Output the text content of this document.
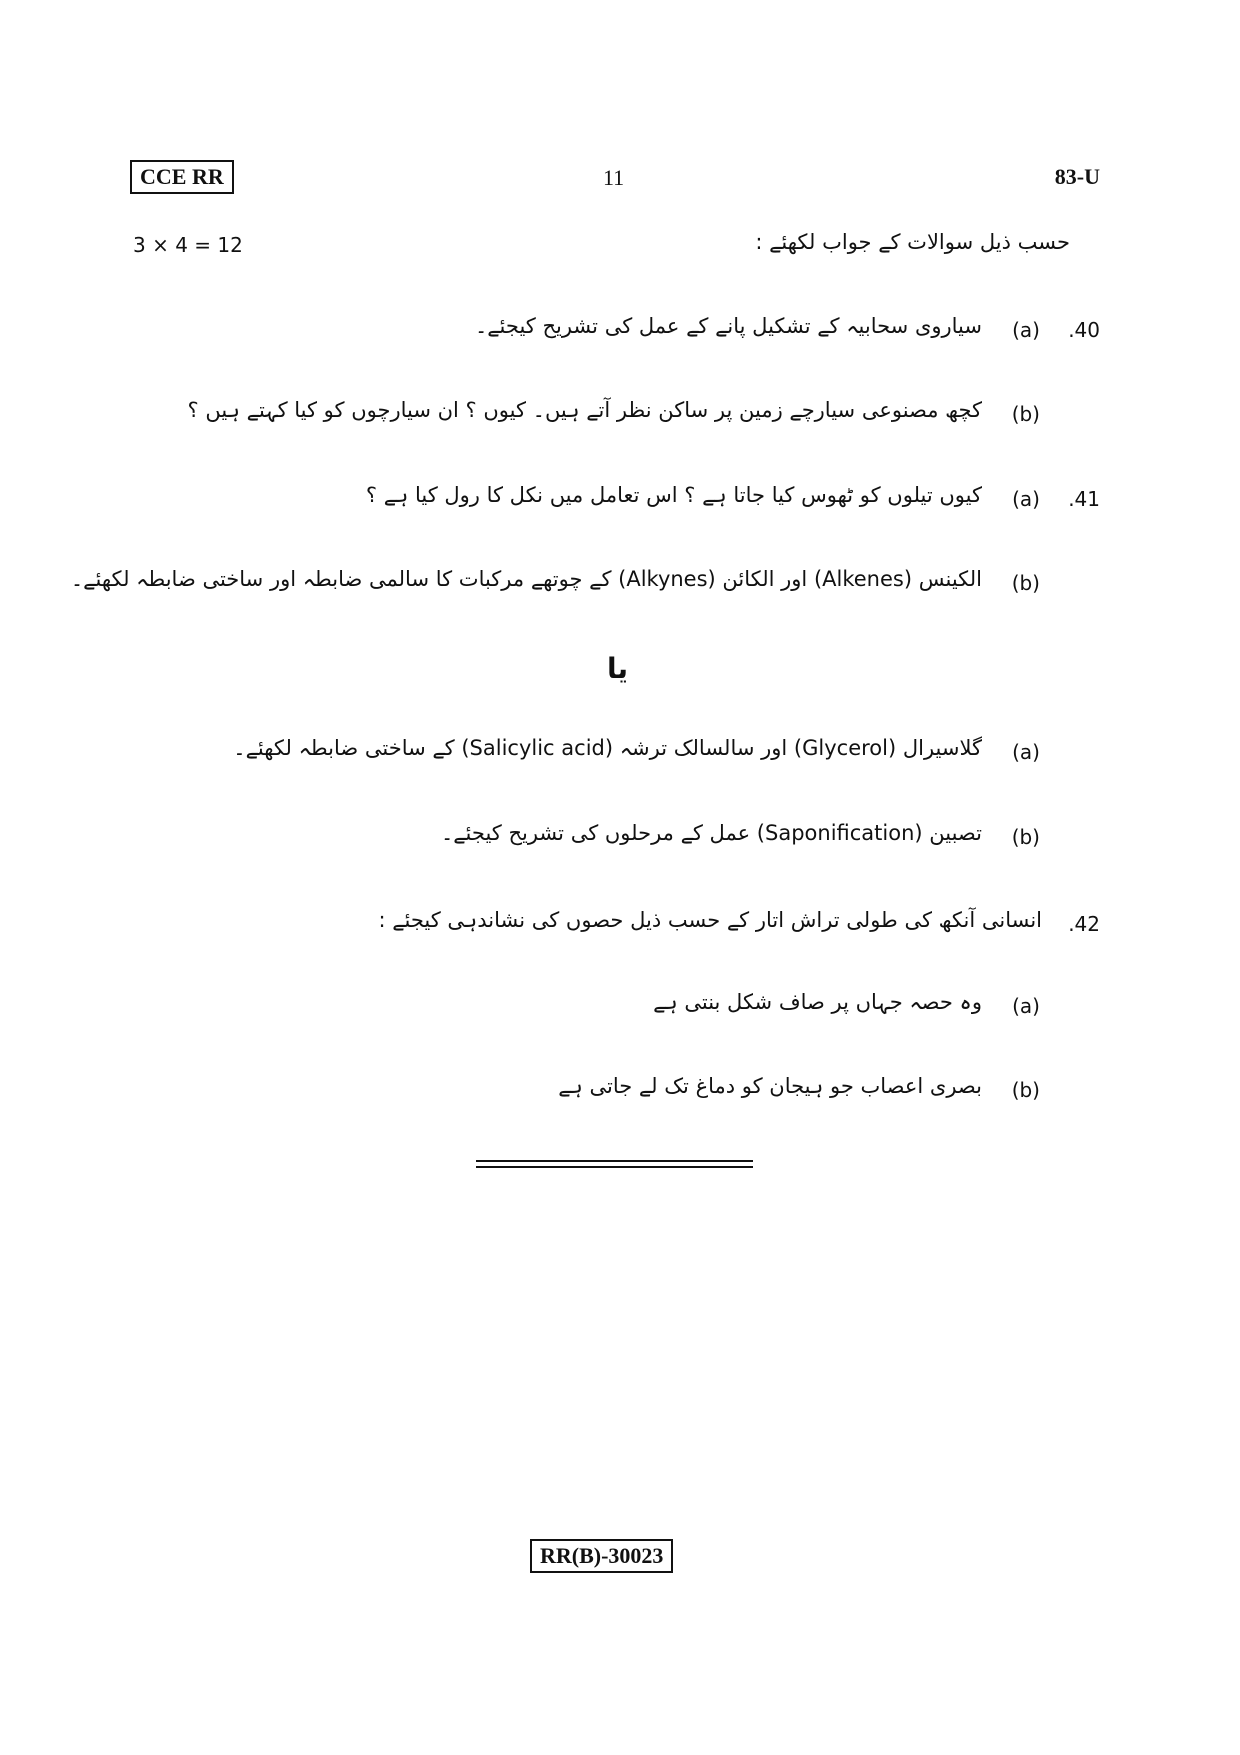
CCE RR	11	83-U
3 × 4 = 12	حسب ذیل سوالات کے جواب لکھئے :
.40
(a)
سیاروی سحابیہ کے تشکیل پانے کے عمل کی تشریح کیجئے۔
(b)
کچھ مصنوعی سیارچے زمین پر ساکن نظر آتے ہیں۔ کیوں ؟ ان سیارچوں کو کیا کہتے ہیں ؟
.41
(a)
کیوں تیلوں کو ٹھوس کیا جاتا ہے ؟ اس تعامل میں نکل کا رول کیا ہے ؟
(b)
الکینس (Alkenes) اور الکائن (Alkynes) کے چوتھے مرکبات کا سالمی ضابطہ اور ساختی ضابطہ لکھئے۔
یا
(a)
گلاسیرال (Glycerol) اور سالسالک ترشہ (Salicylic acid) کے ساختی ضابطہ لکھئے۔
(b)
تصبین (Saponification) عمل کے مرحلوں کی تشریح کیجئے۔
.42
انسانی آنکھ کی طولی تراش اتار کے حسب ذیل حصوں کی نشاندہی کیجئے :
(a)
وہ حصہ جہاں پر صاف شکل بنتی ہے
(b)
بصری اعصاب جو ہیجان کو دماغ تک لے جاتی ہے
RR(B)-30023
